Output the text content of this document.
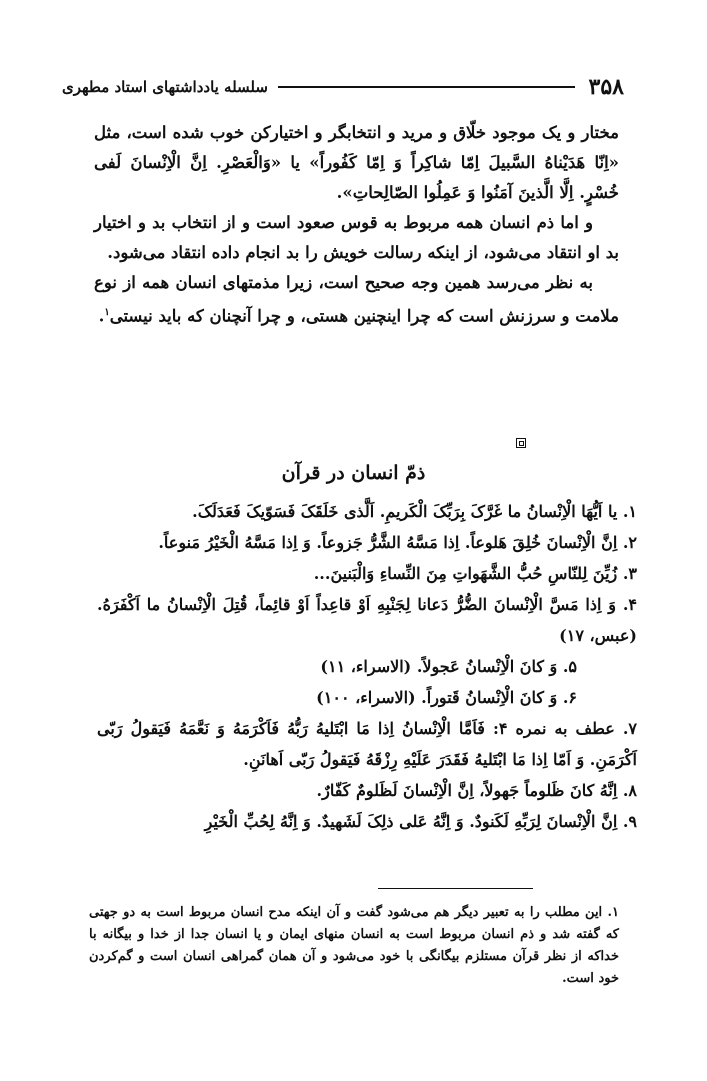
۳۵۸
سلسله یادداشتهای استاد مطهری

مختار و یک موجود خلّاق و مرید و انتخابگر و اختیارکن خوب شده است، مثل «اِنّا هَدَیْناهُ السَّبیلَ اِمّا شاکِراً وَ اِمّا کَفُوراً» یا «وَالْعَصْرِ. اِنَّ الْاِنْسانَ لَفی خُسْرٍ. اِلَّا الَّذینَ آمَنُوا وَ عَمِلُوا الصّالِحاتِ».

و اما ذم انسان همه مربوط به قوس صعود است و از انتخاب بد و اختیار بد او انتقاد می‌شود، از اینکه رسالت خویش را بد انجام داده انتقاد می‌شود.

به نظر می‌رسد همین وجه صحیح است، زیرا مذمتهای انسان همه از نوع ملامت و سرزنش است که چرا اینچنین هستی، و چرا آنچنان که باید نیستی$^۱$.

ذمّ انسان در قرآن

۱. یا اَیُّهَا الْاِنْسانُ ما غَرَّکَ بِرَبِّکَ الْکَریمِ. اَلَّذی خَلَقَکَ فَسَوّیکَ فَعَدَلَکَ.

۲. اِنَّ الْاِنْسانَ خُلِقَ هَلوعاً. اِذا مَسَّهُ الشَّرُّ جَزوعاً. وَ اِذا مَسَّهُ الْخَیْرُ مَنوعاً.

۳. زُیِّنَ لِلنّاسِ حُبُّ الشَّهَواتِ مِنَ النِّساءِ وَالْبَنینَ...

۴. وَ اِذا مَسَّ الْاِنْسانَ الضُّرُّ دَعانا لِجَنْبِهِ اَوْ قاعِداً اَوْ قائِماً، قُتِلَ الْاِنْسانُ ما اَکْفَرَهُ. (عبس، ۱۷)

۵. وَ کانَ الْاِنْسانُ عَجولاً. (الاسراء، ۱۱)

۶. وَ کانَ الْاِنْسانُ قَتوراً. (الاسراء، ۱۰۰)

۷. عطف به نمره ۴: فَاَمَّا الْاِنْسانُ اِذا مَا ابْتَلیهُ رَبُّهُ فَاَکْرَمَهُ وَ نَعَّمَهُ فَیَقولُ رَبّی اَکْرَمَنِ. وَ اَمّا اِذا مَا ابْتَلیهُ فَقَدَرَ عَلَیْهِ رِزْقَهُ فَیَقولُ رَبّی اَهانَنِ.

۸. اِنَّهُ کانَ ظَلوماً جَهولاً، اِنَّ الْاِنْسانَ لَظَلومٌ کَفّارٌ.

۹. اِنَّ الْاِنْسانَ لِرَبِّهِ لَکَنودٌ. وَ اِنَّهُ عَلی ذلِکَ لَشَهیدٌ. وَ اِنَّهُ لِحُبِّ الْخَیْرِ

۱. این مطلب را به تعبیر دیگر هم می‌شود گفت و آن اینکه مدح انسان مربوط است به دو جهتی که گفته شد و ذم انسان مربوط است به انسان منهای ایمان و یا انسان جدا از خدا و بیگانه با خداکه از نظر قرآن مستلزم بیگانگی با خود می‌شود و آن همان گمراهی انسان است و گم‌کردن خود است.
